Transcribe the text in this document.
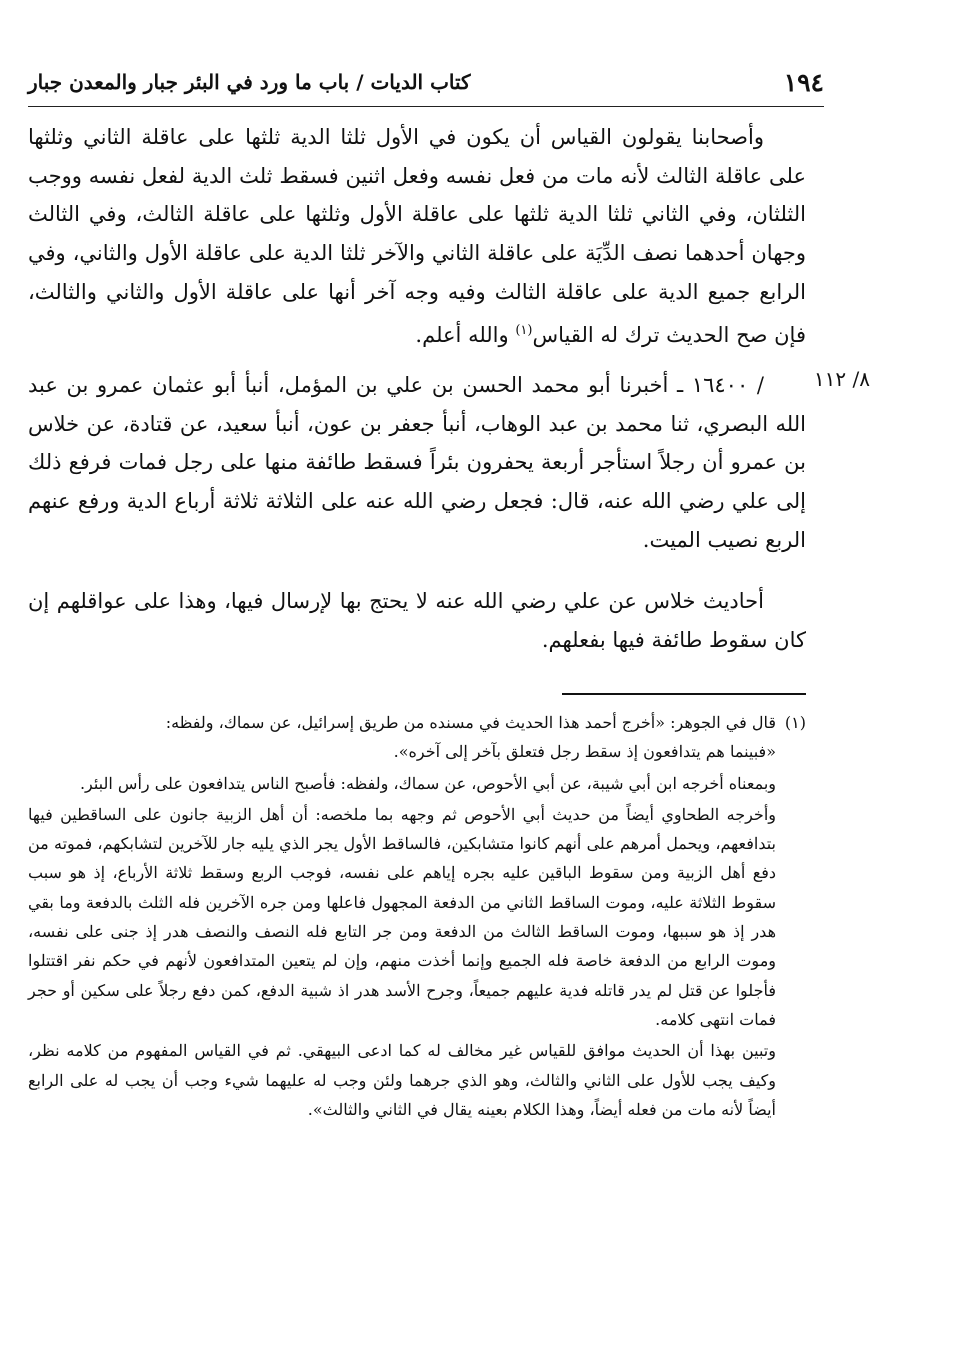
١٩٤
كتاب الديات / باب ما ورد في البئر جبار والمعدن جبار

وأصحابنا يقولون القياس أن يكون في الأول ثلثا الدية ثلثها على عاقلة الثاني وثلثها على عاقلة الثالث لأنه مات من فعل نفسه وفعل اثنين فسقط ثلث الدية لفعل نفسه ووجب الثلثان، وفي الثاني ثلثا الدية ثلثها على عاقلة الأول وثلثها على عاقلة الثالث، وفي الثالث وجهان أحدهما نصف الدِّيَة على عاقلة الثاني والآخر ثلثا الدية على عاقلة الأول والثاني، وفي الرابع جميع الدية على عاقلة الثالث وفيه وجه آخر أنها على عاقلة الأول والثاني والثالث، فإن صح الحديث ترك له القياس$^{(١)}$ والله أعلم.

٨/ ١١٢

/ ١٦٤٠٠ ـ أخبرنا أبو محمد الحسن بن علي بن المؤمل، أنبأ أبو عثمان عمرو بن عبد الله البصري، ثنا محمد بن عبد الوهاب، أنبأ جعفر بن عون، أنبأ سعيد، عن قتادة، عن خلاس بن عمرو أن رجلاً استأجر أربعة يحفرون بئراً فسقط طائفة منها على رجل فمات فرفع ذلك إلى علي رضي الله عنه، قال: فجعل رضي الله عنه على الثلاثة ثلاثة أرباع الدية ورفع عنهم الربع نصيب الميت.

أحاديث خلاس عن علي رضي الله عنه لا يحتج بها لإرسال فيها، وهذا على عواقلهم إن كان سقوط طائفة فيها بفعلهم.

(١)
قال في الجوهر: «أخرج أحمد هذا الحديث في مسنده من طريق إسرائيل، عن سماك، ولفظه:
«فبينما هم يتدافعون إذ سقط رجل فتعلق بآخر إلى آخره».

وبمعناه أخرجه ابن أبي شيبة، عن أبي الأحوص، عن سماك، ولفظه: فأصبح الناس يتدافعون على رأس البئر.

وأخرجه الطحاوي أيضاً من حديث أبي الأحوص ثم وجهه بما ملخصه: أن أهل الزبية جانون على الساقطين فيها بتدافعهم، ويحمل أمرهم على أنهم كانوا متشابكين، فالساقط الأول يجر الذي يليه جار للآخرين لتشابكهم، فموته من دفع أهل الزبية ومن سقوط الباقين عليه بجره إياهم على نفسه، فوجب الربع وسقط ثلاثة الأرباع، إذ هو سبب سقوط الثلاثة عليه، وموت الساقط الثاني من الدفعة المجهول فاعلها ومن جره الآخرين فله الثلث بالدفعة وما بقي هدر إذ هو سببها، وموت الساقط الثالث من الدفعة ومن جر التابع فله النصف والنصف هدر إذ جنى على نفسه، وموت الرابع من الدفعة خاصة فله الجميع وإنما أخذت منهم، وإن لم يتعين المتدافعون لأنهم في حكم نفر اقتتلوا فأجلوا عن قتل لم يدر قاتله فدية عليهم جميعاً، وجرح الأسد هدر اذ شبية الدفع، كمن دفع رجلاً على سكين أو حجر فمات انتهى كلامه.

وتبين بهذا أن الحديث موافق للقياس غير مخالف له كما ادعى البيهقي. ثم في القياس المفهوم من كلامه نظر، وكيف يجب للأول على الثاني والثالث، وهو الذي جرهما ولئن وجب له عليهما شيء وجب أن يجب له على الرابع أيضاً لأنه مات من فعله أيضاً، وهذا الكلام بعينه يقال في الثاني والثالث».
